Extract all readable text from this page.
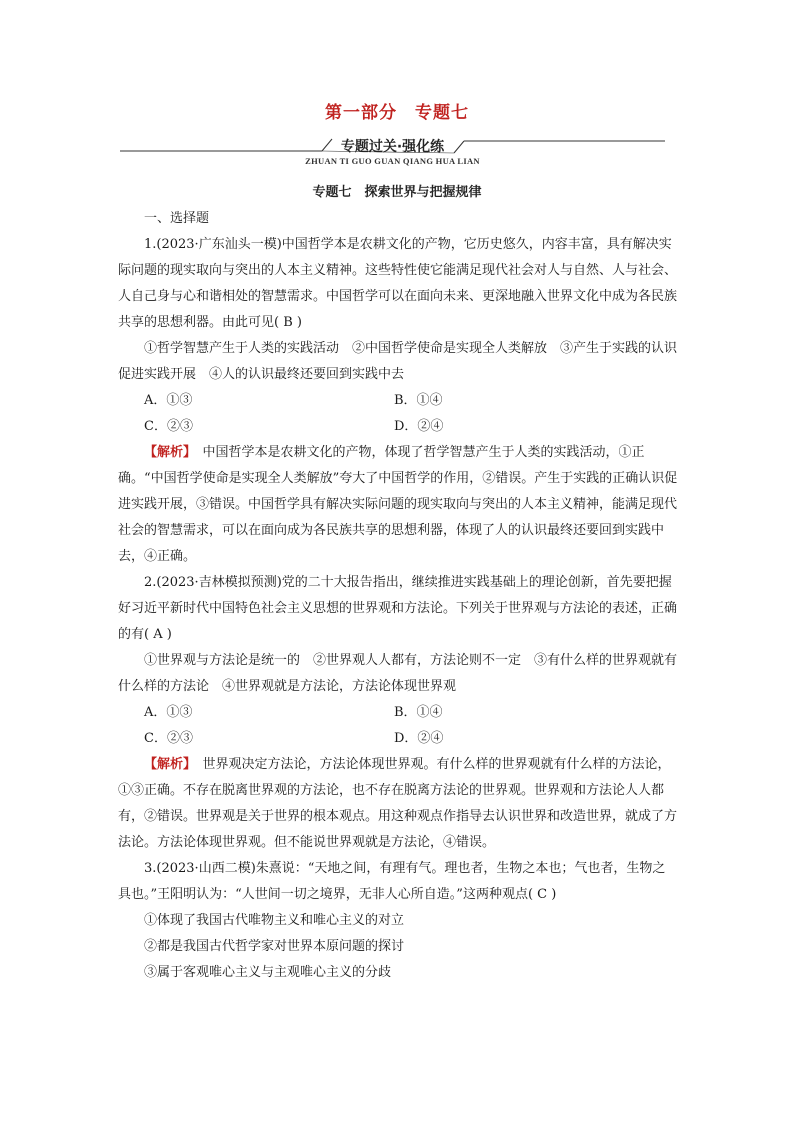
第一部分　专题七
专题过关·强化练
ZHUAN TI GUO GUAN QIANG HUA LIAN
专题七　探索世界与把握规律

一、选择题

1.(2023·广东汕头一模)中国哲学本是农耕文化的产物，它历史悠久，内容丰富，具有解决实际问题的现实取向与突出的人本主义精神。这些特性使它能满足现代社会对人与自然、人与社会、人自己身与心和谐相处的智慧需求。中国哲学可以在面向未来、更深地融入世界文化中成为各民族共享的思想利器。由此可见( B )

①哲学智慧产生于人类的实践活动　②中国哲学使命是实现全人类解放　③产生于实践的认识促进实践开展　④人的认识最终还要回到实践中去

A．①③	B．①④
C．②③	D．②④

【解析】　中国哲学本是农耕文化的产物，体现了哲学智慧产生于人类的实践活动，①正确。“中国哲学使命是实现全人类解放”夸大了中国哲学的作用，②错误。产生于实践的正确认识促进实践开展，③错误。中国哲学具有解决实际问题的现实取向与突出的人本主义精神，能满足现代社会的智慧需求，可以在面向成为各民族共享的思想利器，体现了人的认识最终还要回到实践中去，④正确。

2.(2023·吉林模拟预测)党的二十大报告指出，继续推进实践基础上的理论创新，首先要把握好习近平新时代中国特色社会主义思想的世界观和方法论。下列关于世界观与方法论的表述，正确的有( A )

①世界观与方法论是统一的　②世界观人人都有，方法论则不一定　③有什么样的世界观就有什么样的方法论　④世界观就是方法论，方法论体现世界观

A．①③	B．①④
C．②③	D．②④

【解析】　世界观决定方法论，方法论体现世界观。有什么样的世界观就有什么样的方法论，①③正确。不存在脱离世界观的方法论，也不存在脱离方法论的世界观。世界观和方法论人人都有，②错误。世界观是关于世界的根本观点。用这种观点作指导去认识世界和改造世界，就成了方法论。方法论体现世界观。但不能说世界观就是方法论，④错误。

3.(2023·山西二模)朱熹说：“天地之间，有理有气。理也者，生物之本也；气也者，生物之具也。”王阳明认为：“人世间一切之境界，无非人心所自造。”这两种观点( C )

①体现了我国古代唯物主义和唯心主义的对立

②都是我国古代哲学家对世界本原问题的探讨

③属于客观唯心主义与主观唯心主义的分歧
